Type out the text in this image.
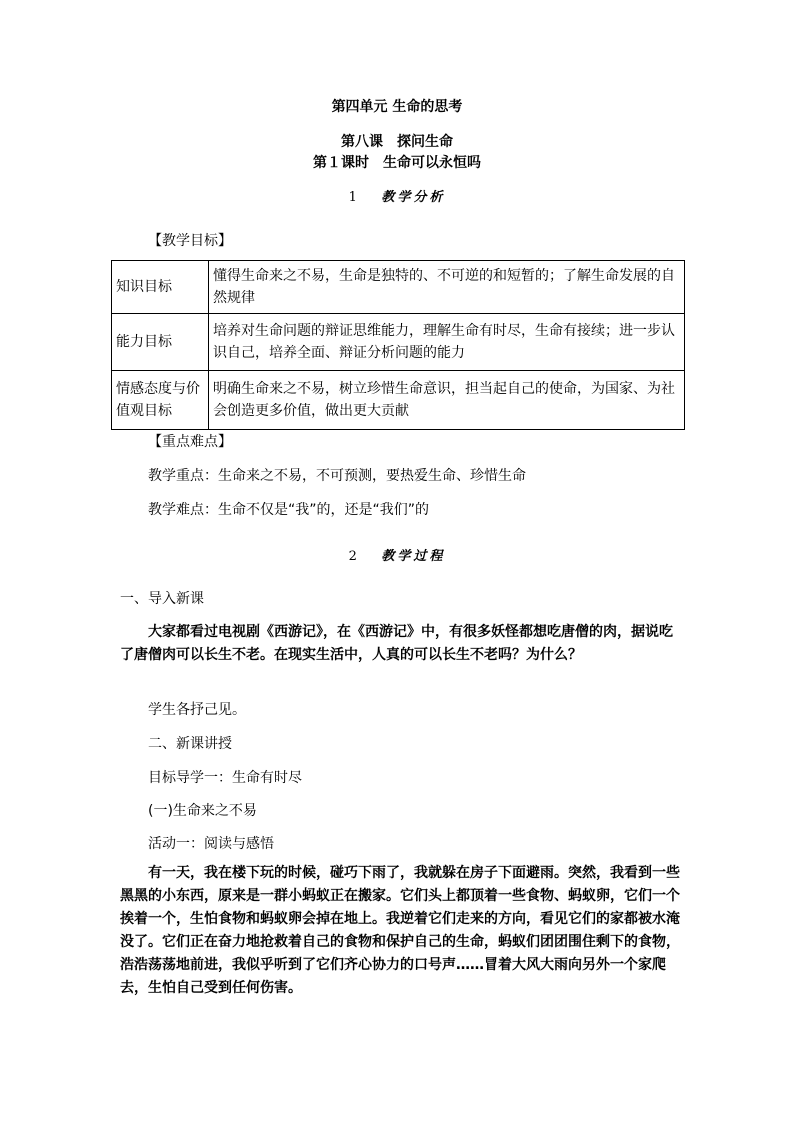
第四单元 生命的思考
第八课　探问生命
第１课时　生命可以永恒吗
1 教学分析
【教学目标】
知识目标	懂得生命来之不易，生命是独特的、不可逆的和短暂的；了解生命发展的自然规律
能力目标	培养对生命问题的辩证思维能力，理解生命有时尽，生命有接续；进一步认识自己，培养全面、辩证分析问题的能力
情感态度与价值观目标	明确生命来之不易，树立珍惜生命意识，担当起自己的使命，为国家、为社会创造更多价值，做出更大贡献
【重点难点】
教学重点：生命来之不易，不可预测，要热爱生命、珍惜生命
教学难点：生命不仅是“我”的，还是“我们”的
2 教学过程
一、导入新课
大家都看过电视剧《西游记》，在《西游记》中，有很多妖怪都想吃唐僧的肉，据说吃了唐僧肉可以长生不老。在现实生活中，人真的可以长生不老吗？为什么？
学生各抒己见。
二、新课讲授
目标导学一：生命有时尽
(一)生命来之不易
活动一：阅读与感悟
有一天，我在楼下玩的时候，碰巧下雨了，我就躲在房子下面避雨。突然，我看到一些黑黑的小东西，原来是一群小蚂蚁正在搬家。它们头上都顶着一些食物、蚂蚁卵，它们一个挨着一个，生怕食物和蚂蚁卵会掉在地上。我逆着它们走来的方向，看见它们的家都被水淹没了。它们正在奋力地抢救着自己的食物和保护自己的生命，蚂蚁们团团围住剩下的食物，浩浩荡荡地前进，我似乎听到了它们齐心协力的口号声……冒着大风大雨向另外一个家爬去，生怕自己受到任何伤害。
